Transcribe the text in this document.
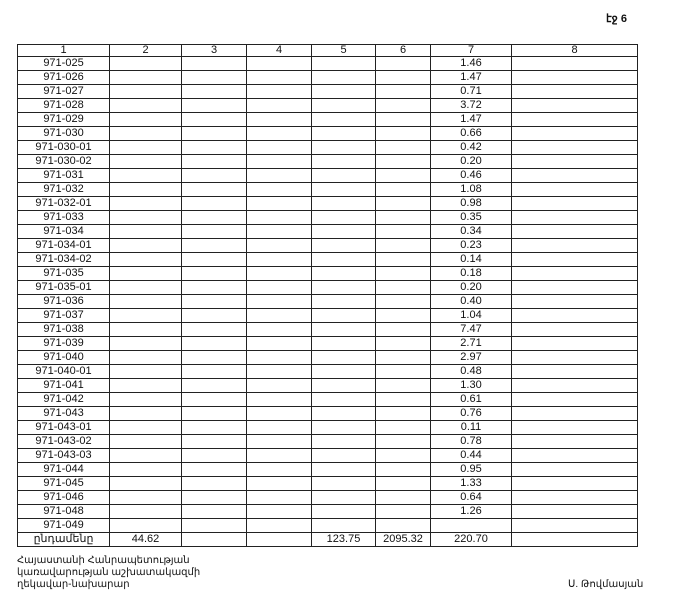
էջ 6
1	2	3	4	5	6	7	8
971-025						1.46	
971-026						1.47	
971-027						0.71	
971-028						3.72	
971-029						1.47	
971-030						0.66	
971-030-01						0.42	
971-030-02						0.20	
971-031						0.46	
971-032						1.08	
971-032-01						0.98	
971-033						0.35	
971-034						0.34	
971-034-01						0.23	
971-034-02						0.14	
971-035						0.18	
971-035-01						0.20	
971-036						0.40	
971-037						1.04	
971-038						7.47	
971-039						2.71	
971-040						2.97	
971-040-01						0.48	
971-041						1.30	
971-042						0.61	
971-043						0.76	
971-043-01						0.11	
971-043-02						0.78	
971-043-03						0.44	
971-044						0.95	
971-045						1.33	
971-046						0.64	
971-048						1.26	
971-049							
ընդամենը	44.62			123.75	2095.32	220.70	
Հայաստանի Հանրապետության
կառավարության աշխատակազմի
ղեկավար-նախարար	Ս. Թովմասյան
